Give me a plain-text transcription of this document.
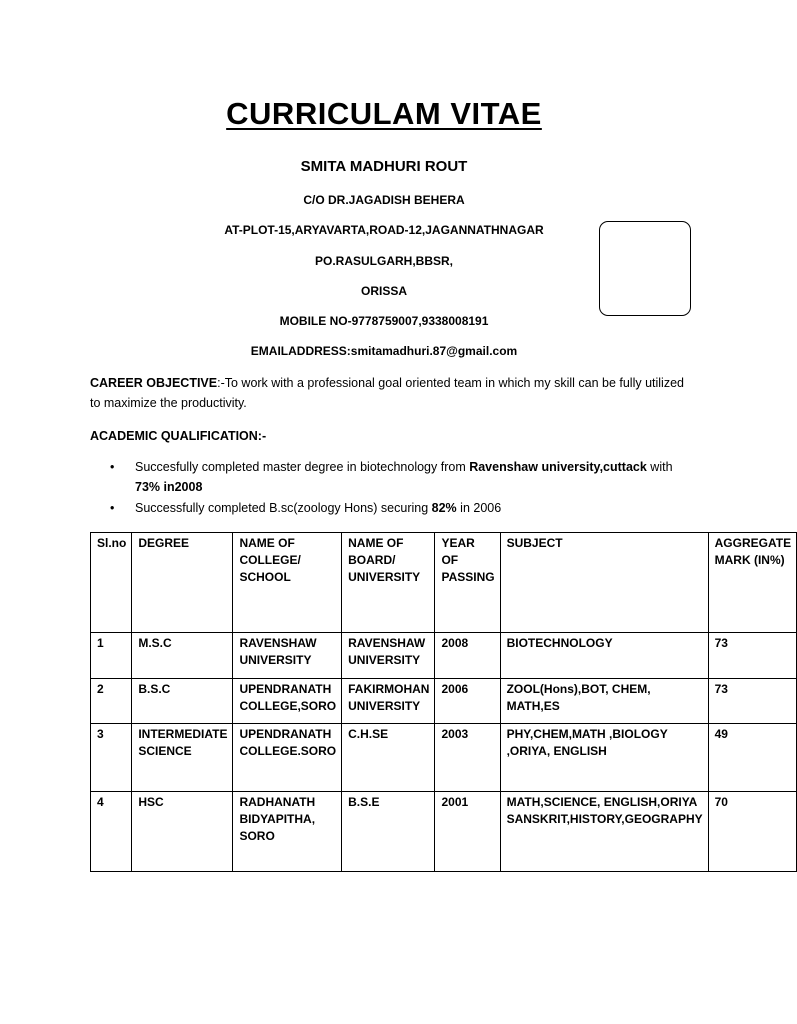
CURRICULAM VITAE
SMITA MADHURI ROUT
C/O DR.JAGADISH BEHERA
AT-PLOT-15,ARYAVARTA,ROAD-12,JAGANNATHNAGAR
PO.RASULGARH,BBSR,
ORISSA
MOBILE NO-9778759007,9338008191
EMAILADDRESS:smitamadhuri.87@gmail.com
CAREER OBJECTIVE:-To work with a professional goal oriented team in which my skill can be fully utilized to maximize the productivity.
ACADEMIC QUALIFICATION:-
• Succesfully completed master degree in biotechnology from Ravenshaw university,cuttack with 73% in2008
• Successfully completed B.sc(zoology Hons) securing 82% in 2006
Sl.no	DEGREE	NAME OF COLLEGE/ SCHOOL	NAME OF BOARD/ UNIVERSITY	YEAR OF PASSING	SUBJECT	AGGREGATE MARK (IN%)
1	M.S.C	RAVENSHAW UNIVERSITY	RAVENSHAW UNIVERSITY	2008	BIOTECHNOLOGY	73
2	B.S.C	UPENDRANATH COLLEGE,SORO	FAKIRMOHAN UNIVERSITY	2006	ZOOL(Hons),BOT, CHEM, MATH,ES	73
3	INTERMEDIATE SCIENCE	UPENDRANATH COLLEGE.SORO	C.H.SE	2003	PHY,CHEM,MATH ,BIOLOGY ,ORIYA, ENGLISH	49
4	HSC	RADHANATH BIDYAPITHA, SORO	B.S.E	2001	MATH,SCIENCE, ENGLISH,ORIYA SANSKRIT,HISTORY,GEOGRAPHY	70
